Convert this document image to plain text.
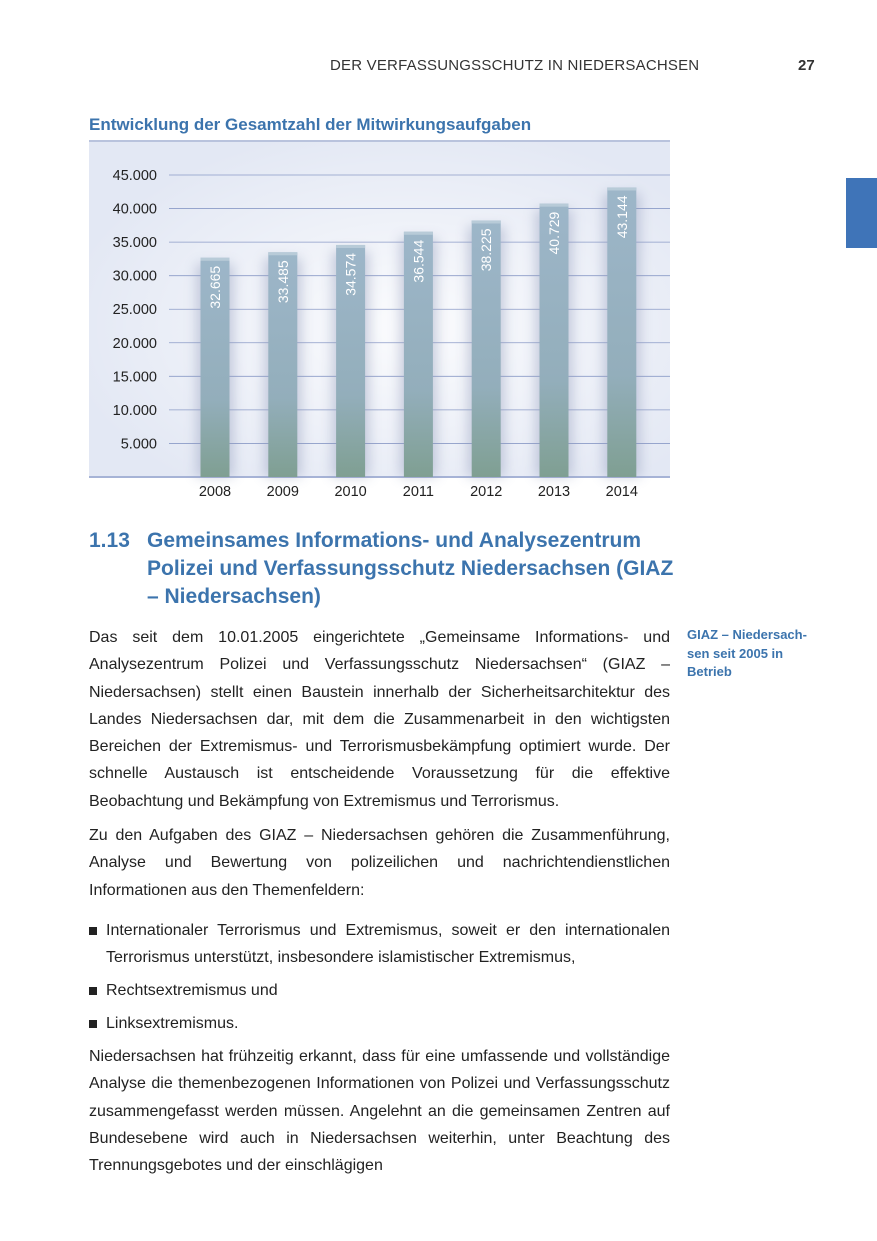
DER VERFASSUNGSSCHUTZ IN NIEDERSACHSEN	27
Entwicklung der Gesamtzahl der Mitwirkungsaufgaben
5.000
10.000
15.000
20.000
25.000
30.000
35.000
40.000
45.000
32.665	33.485	34.574	36.544	38.225	40.729	43.144
2008 2009 2010 2011 2012 2013 2014
1.13 Gemeinsames Informations- und Analysezentrum Polizei und Verfassungsschutz Niedersachsen (GIAZ – Niedersachsen)
GIAZ – Niedersach-sen seit 2005 in Betrieb

Das seit dem 10.01.2005 eingerichtete „Gemeinsame Informations- und Analysezentrum Polizei und Verfassungsschutz Niedersachsen“ (GIAZ – Niedersachsen) stellt einen Baustein innerhalb der Sicherheitsarchitektur des Landes Niedersachsen dar, mit dem die Zusammenarbeit in den wichtigsten Bereichen der Extremismus- und Terrorismusbekämpfung optimiert wurde. Der schnelle Austausch ist entscheidende Voraussetzung für die effektive Beobachtung und Bekämpfung von Extremismus und Terrorismus.

Zu den Aufgaben des GIAZ – Niedersachsen gehören die Zusammenführung, Analyse und Bewertung von polizeilichen und nachrichtendienstlichen Informationen aus den Themenfeldern:

Internationaler Terrorismus und Extremismus, soweit er den internationalen Terrorismus unterstützt, insbesondere islamistischer Extremismus,
Rechtsextremismus und
Linksextremismus.

Niedersachsen hat frühzeitig erkannt, dass für eine umfassende und vollständige Analyse die themenbezogenen Informationen von Polizei und Verfassungsschutz zusammengefasst werden müssen. Angelehnt an die gemeinsamen Zentren auf Bundesebene wird auch in Niedersachsen weiterhin, unter Beachtung des Trennungsgebotes und der einschlägigen
